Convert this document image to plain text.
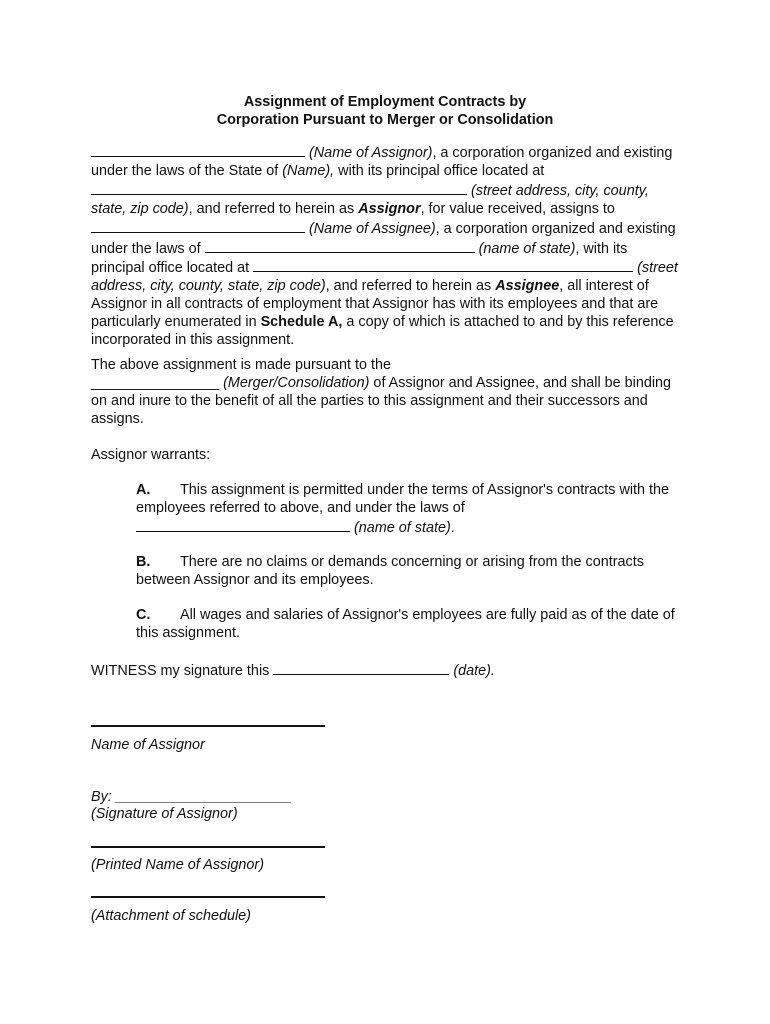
Assignment of Employment Contracts by
Corporation Pursuant to Merger or Consolidation
(Name of Assignor), a corporation organized and existing under the laws of the State of (Name), with its principal office located at
(street address, city, county, state, zip code), and referred to herein as Assignor, for value received, assigns to
(Name of Assignee), a corporation organized and existing under the laws of	(name of state), with its principal office located at	(street address, city, county, state, zip code), and referred to herein as Assignee, all interest of Assignor in all contracts of employment that Assignor has with its employees and that are particularly enumerated in Schedule A, a copy of which is attached to and by this reference incorporated in this assignment.
The above assignment is made pursuant to the
________________ (Merger/Consolidation) of Assignor and Assignee, and shall be binding on and inure to the benefit of all the parties to this assignment and their successors and assigns.
Assignor warrants:
A. This assignment is permitted under the terms of Assignor's contracts with the employees referred to above, and under the laws of
(name of state).
B. There are no claims or demands concerning or arising from the contracts between Assignor and its employees.
C. All wages and salaries of Assignor's employees are fully paid as of the date of this assignment.
WITNESS my signature this	(date).
Name of Assignor
By: ______________________
(Signature of Assignor)
(Printed Name of Assignor)
(Attachment of schedule)
